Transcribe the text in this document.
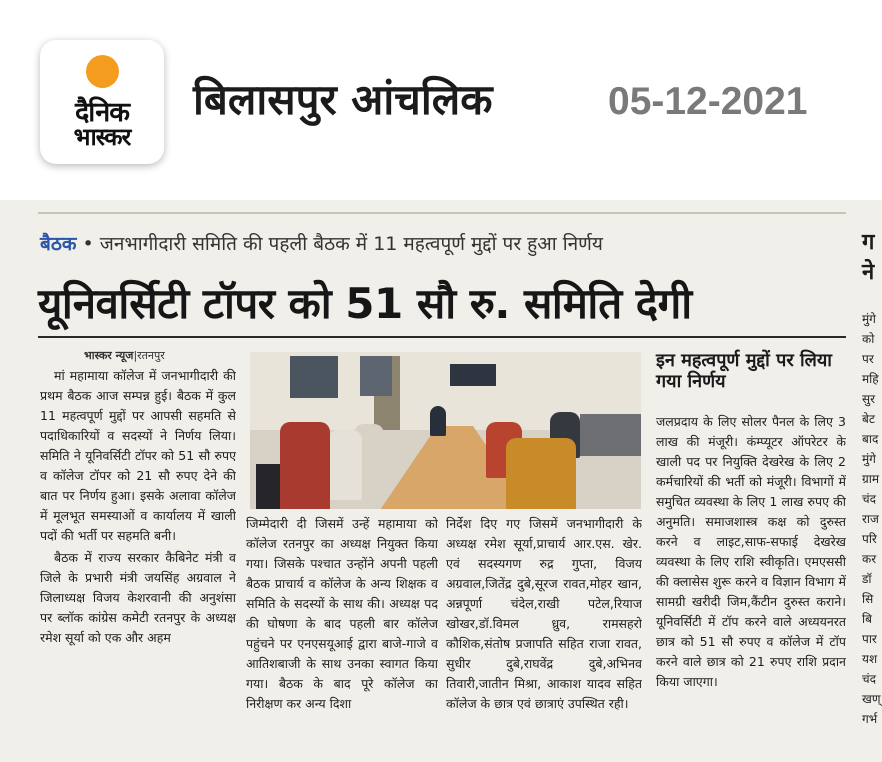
दैनिक
भास्कर
बिलासपुर आंचलिक	05-12-2021
बैठक • जनभागीदारी समिति की पहली बैठक में 11 महत्वपूर्ण मुद्दों पर हुआ निर्णय
यूनिवर्सिटी टॉपर को 51 सौ रु. समिति देगी
भास्कर न्यूज|रतनपुर

मां महामाया कॉलेज में जनभागीदारी की प्रथम बैठक आज सम्पन्न हुई। बैठक में कुल 11 महत्वपूर्ण मुद्दों पर आपसी सहमति से पदाधिकारियों व सदस्यों ने निर्णय लिया। समिति ने यूनिवर्सिटी टॉपर को 51 सौ रुपए व कॉलेज टॉपर को 21 सौ रुपए देने की बात पर निर्णय हुआ। इसके अलावा कॉलेज में मूलभूत समस्याओं व कार्यालय में खाली पदों की भर्ती पर सहमति बनी।

बैठक में राज्य सरकार कैबिनेट मंत्री व जिले के प्रभारी मंत्री जयसिंह अग्रवाल ने जिलाध्यक्ष विजय केशरवानी की अनुशंसा पर ब्लॉक कांग्रेस कमेटी रतनपुर के अध्यक्ष रमेश सूर्या को एक और अहम

जिम्मेदारी दी जिसमें उन्हें महामाया को कॉलेज रतनपुर का अध्यक्ष नियुक्त किया गया। जिसके पश्चात उन्होंने अपनी पहली बैठक प्राचार्य व कॉलेज के अन्य शिक्षक व समिति के सदस्यों के साथ की। अध्यक्ष पद की घोषणा के बाद पहली बार कॉलेज पहुंचने पर एनएसयूआई द्वारा बाजे-गाजे व आतिशबाजी के साथ उनका स्वागत किया गया। बैठक के बाद पूरे कॉलेज का निरीक्षण कर अन्य दिशा

निर्देश दिए गए जिसमें जनभागीदारी के अध्यक्ष रमेश सूर्या,प्राचार्य आर.एस. खेर. एवं सदस्यगण रुद्र गुप्ता, विजय अग्रवाल,जितेंद्र दुबे,सूरज रावत,मोहर खान, अन्नपूर्णा चंदेल,राखी पटेल,रियाज खोखर,डॉ.विमल ध्रुव, रामसहरो कौशिक,संतोष प्रजापति सहित राजा रावत, सुधीर दुबे,राघवेंद्र दुबे,अभिनव तिवारी,जातीन मिश्रा, आकाश यादव सहित कॉलेज के छात्र एवं छात्राएं उपस्थित रही।

इन महत्वपूर्ण मुद्दों पर लिया गया निर्णय

जलप्रदाय के लिए सोलर पैनल के लिए 3 लाख की मंजूरी। कंम्प्यूटर ऑपरेटर के खाली पद पर नियुक्ति देखरेख के लिए 2 कर्मचारियों की भर्ती को मंजूरी। विभागों में समुचित व्यवस्था के लिए 1 लाख रुपए की अनुमति। समाजशास्त्र कक्ष को दुरुस्त करने व लाइट,साफ-सफाई देखरेख व्यवस्था के लिए राशि स्वीकृति। एमएससी की क्लासेस शुरू करने व विज्ञान विभाग में सामग्री खरीदी जिम,कैंटीन दुरुस्त कराने। यूनिवर्सिटी में टॉप करने वाले अध्ययनरत छात्र को 51 सौ रुपए व कॉलेज में टॉप करने वाले छात्र को 21 रुपए राशि प्रदान किया जाएगा।

ग
ने
मुंगे
को
पर
महि
सुर
बेट
बाद
मुंगे
ग्राम
चंद
राज
परि
कर
डॉ
सि
बि
पार
यश
चंद
खण्
गर्भ
